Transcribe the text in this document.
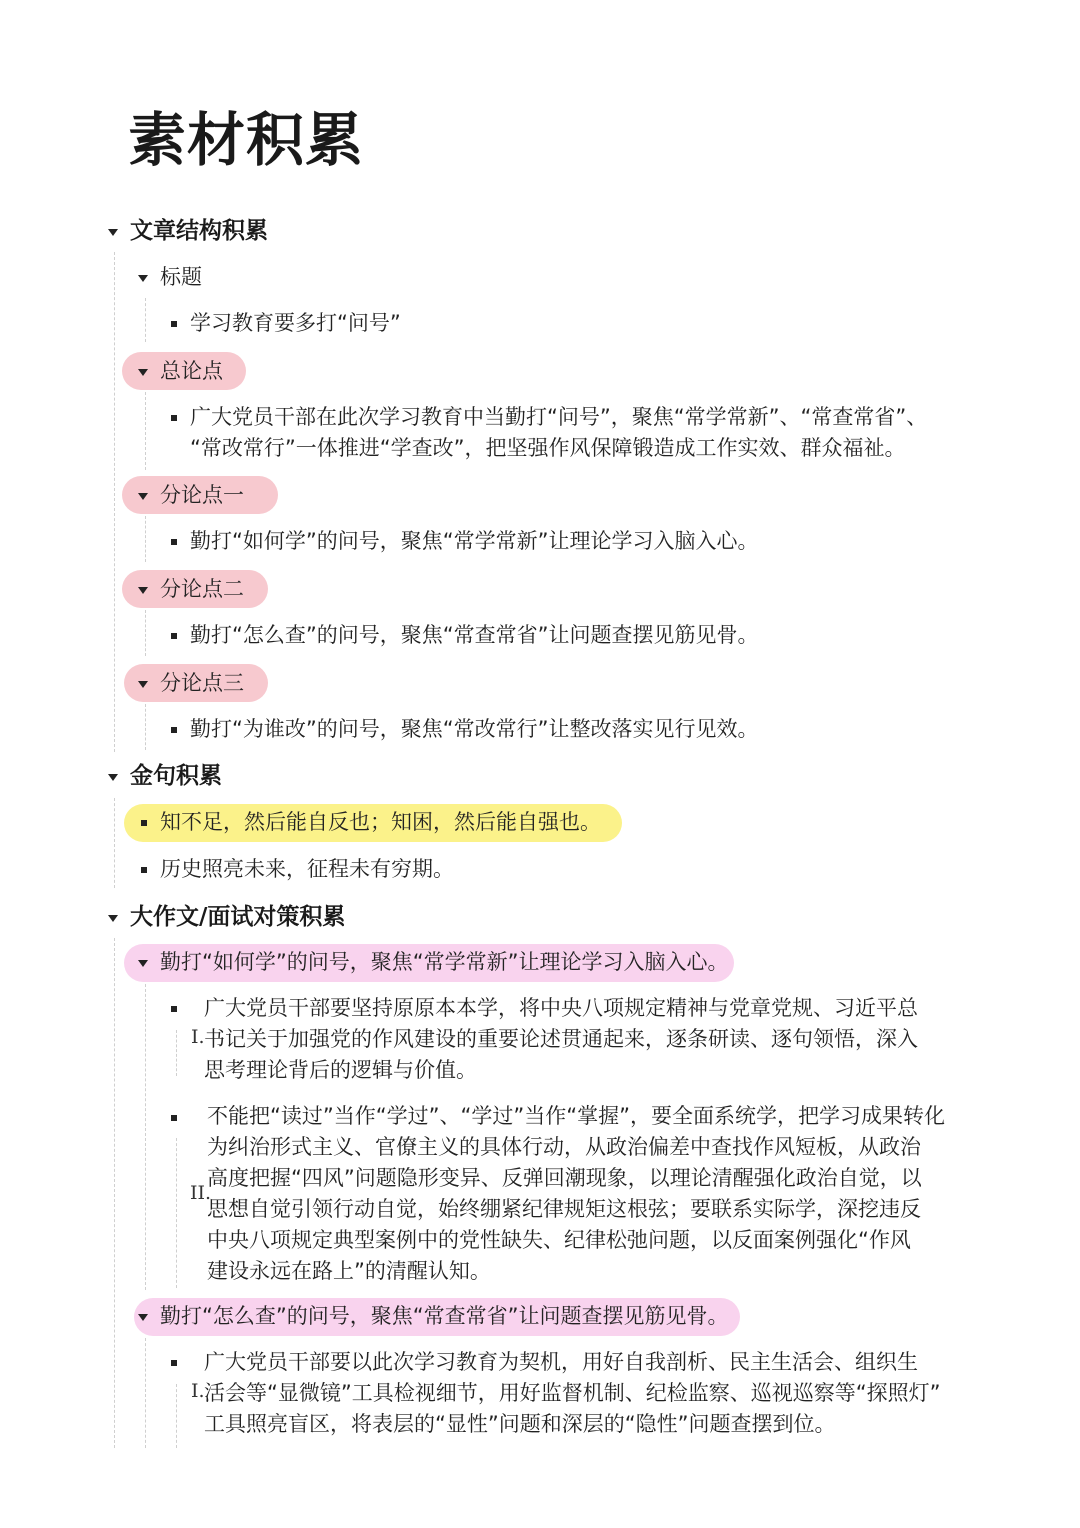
素材积累
文章结构积累
标题
学习教育要多打“问号”
总论点
广大党员干部在此次学习教育中当勤打“问号”，聚焦“常学常新”、“常查常省”、
“常改常行”一体推进“学查改”，把坚强作风保障锻造成工作实效、群众福祉。
分论点一
勤打“如何学”的问号，聚焦“常学常新”让理论学习入脑入心。
分论点二
勤打“怎么查”的问号，聚焦“常查常省”让问题查摆见筋见骨。
分论点三
勤打“为谁改”的问号，聚焦“常改常行”让整改落实见行见效。
金句积累
知不足，然后能自反也；知困，然后能自强也。
历史照亮未来，征程未有穷期。
大作文/面试对策积累
勤打“如何学”的问号，聚焦“常学常新”让理论学习入脑入心。
I.
广大党员干部要坚持原原本本学，将中央八项规定精神与党章党规、习近平总
书记关于加强党的作风建设的重要论述贯通起来，逐条研读、逐句领悟，深入
思考理论背后的逻辑与价值。
II.
不能把“读过”当作“学过”、“学过”当作“掌握”，要全面系统学，把学习成果转化
为纠治形式主义、官僚主义的具体行动，从政治偏差中查找作风短板，从政治
高度把握“四风”问题隐形变异、反弹回潮现象，以理论清醒强化政治自觉，以
思想自觉引领行动自觉，始终绷紧纪律规矩这根弦；要联系实际学，深挖违反
中央八项规定典型案例中的党性缺失、纪律松弛问题，以反面案例强化“作风
建设永远在路上”的清醒认知。
勤打“怎么查”的问号，聚焦“常查常省”让问题查摆见筋见骨。
I.
广大党员干部要以此次学习教育为契机，用好自我剖析、民主生活会、组织生
活会等“显微镜”工具检视细节，用好监督机制、纪检监察、巡视巡察等“探照灯”
工具照亮盲区，将表层的“显性”问题和深层的“隐性”问题查摆到位。
